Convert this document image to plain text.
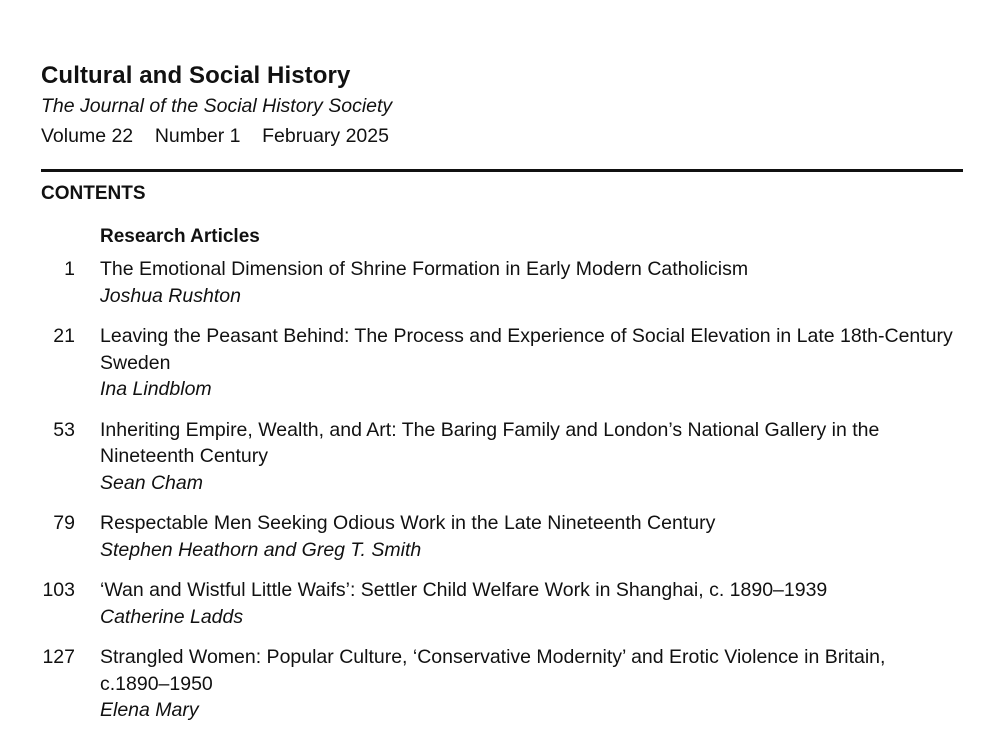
Cultural and Social History

The Journal of the Social History Society

Volume 22 Number 1 February 2025

CONTENTS
Research Articles
1 The Emotional Dimension of Shrine Formation in Early Modern Catholicism
Joshua Rushton
21 Leaving the Peasant Behind: The Process and Experience of Social Elevation in Late 18th-Century Sweden
Ina Lindblom
53 Inheriting Empire, Wealth, and Art: The Baring Family and London’s National Gallery in the Nineteenth Century
Sean Cham
79 Respectable Men Seeking Odious Work in the Late Nineteenth Century
Stephen Heathorn and Greg T. Smith
103 ‘Wan and Wistful Little Waifs’: Settler Child Welfare Work in Shanghai, c. 1890–1939
Catherine Ladds
127 Strangled Women: Popular Culture, ‘Conservative Modernity’ and Erotic Violence in Britain, c.1890–1950
Elena Mary
